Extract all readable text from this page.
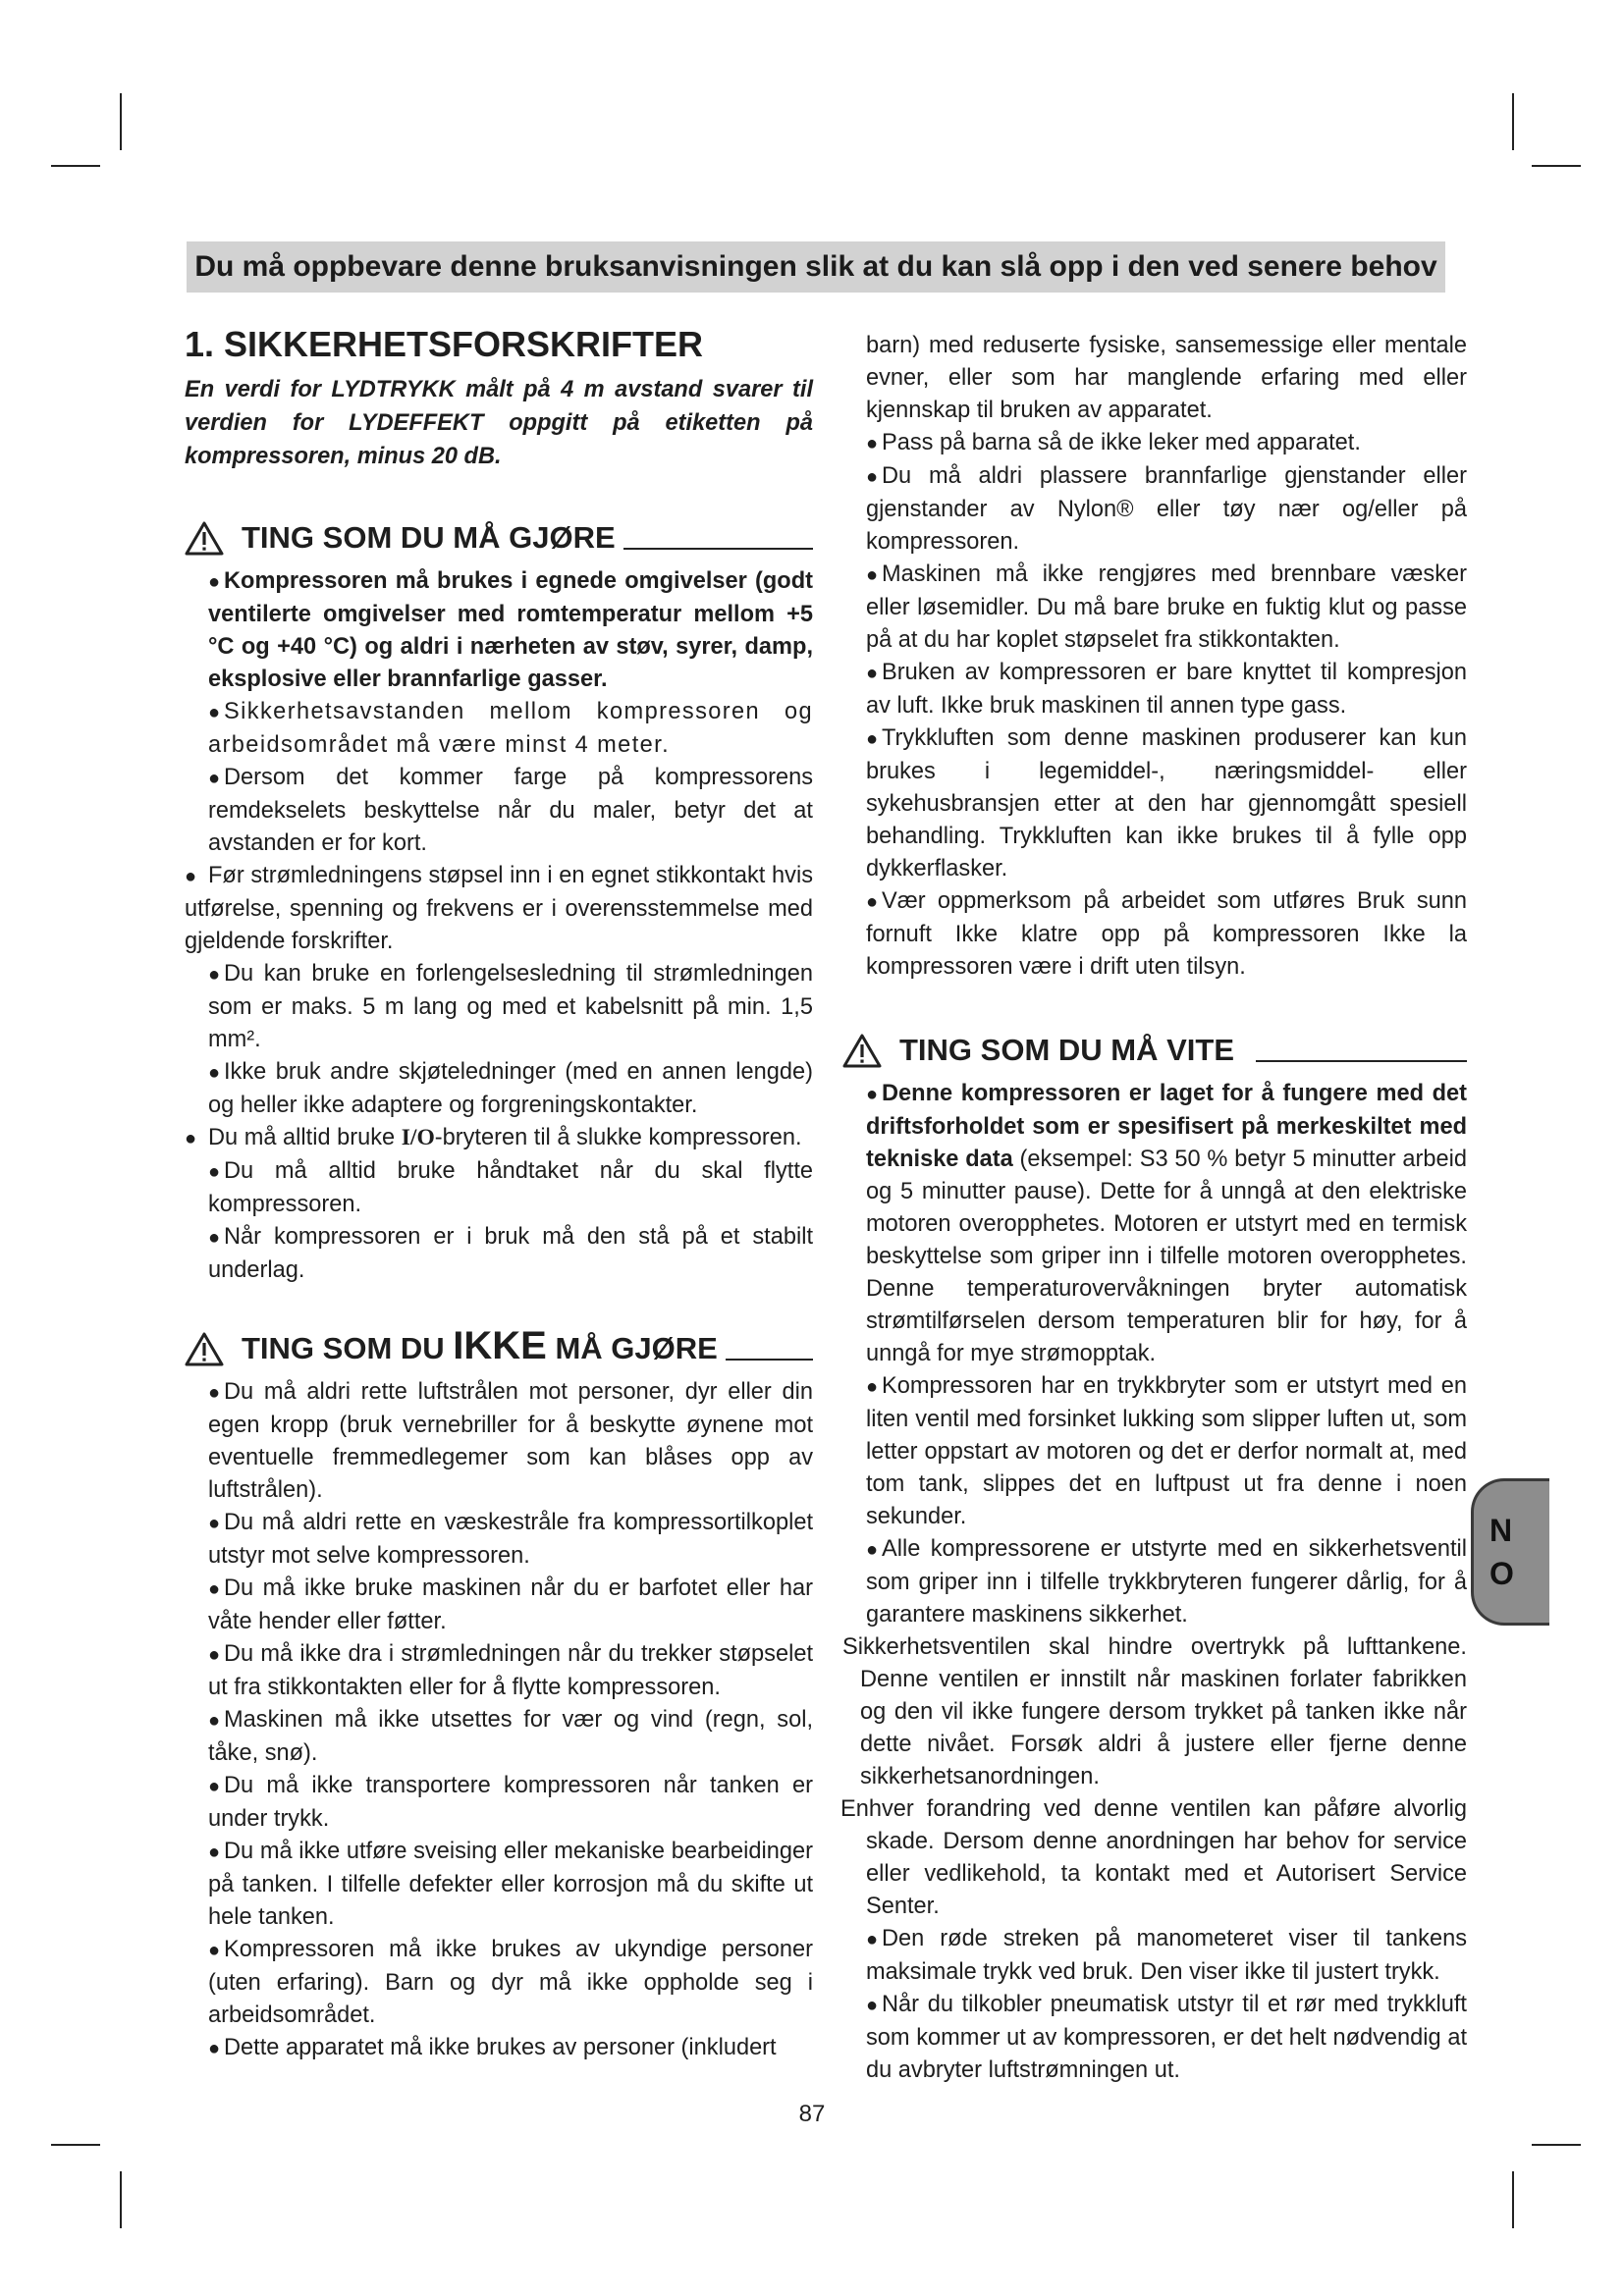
Du må oppbevare denne bruksanvisningen slik at du kan slå opp i den ved senere behov
1. SIKKERHETSFORSKRIFTER

En verdi for LYDTRYKK målt på 4 m avstand svarer til verdien for LYDEFFEKT oppgitt på etiketten på kompressoren, minus 20 dB.

TING SOM DU MÅ GJØRE

● Kompressoren må brukes i egnede omgivelser (godt ventilerte omgivelser med romtemperatur mellom +5 °C og +40 °C) og aldri i nærheten av støv, syrer, damp, eksplosive eller brannfarlige gasser.

● Sikkerhetsavstanden mellom kompressoren og arbeidsområdet må være minst 4 meter.

● Dersom det kommer farge på kompressorens remdekselets beskyttelse når du maler, betyr det at avstanden er for kort.

● Før strømledningens støpsel inn i en egnet stikkontakt hvis utførelse, spenning og frekvens er i overensstemmelse med gjeldende forskrifter.

● Du kan bruke en forlengelsesledning til strømledningen som er maks. 5 m lang og med et kabelsnitt på min. 1,5 mm².

● Ikke bruk andre skjøteledninger (med en annen lengde) og heller ikke adaptere og forgreningskontakter.

● Du må alltid bruke I/O-bryteren til å slukke kompressoren.

● Du må alltid bruke håndtaket når du skal flytte kompressoren.

● Når kompressoren er i bruk må den stå på et stabilt underlag.

TING SOM DU IKKE MÅ GJØRE

● Du må aldri rette luftstrålen mot personer, dyr eller din egen kropp (bruk vernebriller for å beskytte øynene mot eventuelle fremmedlegemer som kan blåses opp av luftstrålen).

● Du må aldri rette en væskestråle fra kompressortilkoplet utstyr mot selve kompressoren.

● Du må ikke bruke maskinen når du er barfotet eller har våte hender eller føtter.

● Du må ikke dra i strømledningen når du trekker støpselet ut fra stikkontakten eller for å flytte kompressoren.

● Maskinen må ikke utsettes for vær og vind (regn, sol, tåke, snø).

● Du må ikke transportere kompressoren når tanken er under trykk.

● Du må ikke utføre sveising eller mekaniske bearbeidinger på tanken. I tilfelle defekter eller korrosjon må du skifte ut hele tanken.

● Kompressoren må ikke brukes av ukyndige personer (uten erfaring). Barn og dyr må ikke oppholde seg i arbeidsområdet.

● Dette apparatet må ikke brukes av personer (inkludert

barn) med reduserte fysiske, sansemessige eller mentale evner, eller som har manglende erfaring med eller kjennskap til bruken av apparatet.

● Pass på barna så de ikke leker med apparatet.

● Du må aldri plassere brannfarlige gjenstander eller gjenstander av Nylon® eller tøy nær og/eller på kompressoren.

● Maskinen må ikke rengjøres med brennbare væsker eller løsemidler. Du må bare bruke en fuktig klut og passe på at du har koplet støpselet fra stikkontakten.

● Bruken av kompressoren er bare knyttet til kompresjon av luft. Ikke bruk maskinen til annen type gass.

● Trykkluften som denne maskinen produserer kan kun brukes i legemiddel-, næringsmiddel- eller sykehusbransjen etter at den har gjennomgått spesiell behandling. Trykkluften kan ikke brukes til å fylle opp dykkerflasker.

● Vær oppmerksom på arbeidet som utføres Bruk sunn fornuft Ikke klatre opp på kompressoren Ikke la kompressoren være i drift uten tilsyn.

TING SOM DU MÅ VITE

● Denne kompressoren er laget for å fungere med det driftsforholdet som er spesifisert på merkeskiltet med tekniske data (eksempel: S3 50 % betyr 5 minutter arbeid og 5 minutter pause). Dette for å unngå at den elektriske motoren overopphetes. Motoren er utstyrt med en termisk beskyttelse som griper inn i tilfelle motoren overopphetes. Denne temperaturovervåkningen bryter automatisk strømtilførselen dersom temperaturen blir for høy, for å unngå for mye strømopptak.

● Kompressoren har en trykkbryter som er utstyrt med en liten ventil med forsinket lukking som slipper luften ut, som letter oppstart av motoren og det er derfor normalt at, med tom tank, slippes det en luftpust ut fra denne i noen sekunder.

● Alle kompressorene er utstyrte med en sikkerhetsventil som griper inn i tilfelle trykkbryteren fungerer dårlig, for å garantere maskinens sikkerhet.

Sikkerhetsventilen skal hindre overtrykk på lufttankene. Denne ventilen er innstilt når maskinen forlater fabrikken og den vil ikke fungere dersom trykket på tanken ikke når dette nivået. Forsøk aldri å justere eller fjerne denne sikkerhetsanordningen.

Enhver forandring ved denne ventilen kan påføre alvorlig skade. Dersom denne anordningen har behov for service eller vedlikehold, ta kontakt med et Autorisert Service Senter.

● Den røde streken på manometeret viser til tankens maksimale trykk ved bruk. Den viser ikke til justert trykk.

● Når du tilkobler pneumatisk utstyr til et rør med trykkluft som kommer ut av kompressoren, er det helt nødvendig at du avbryter luftstrømningen ut.

N
O
87
